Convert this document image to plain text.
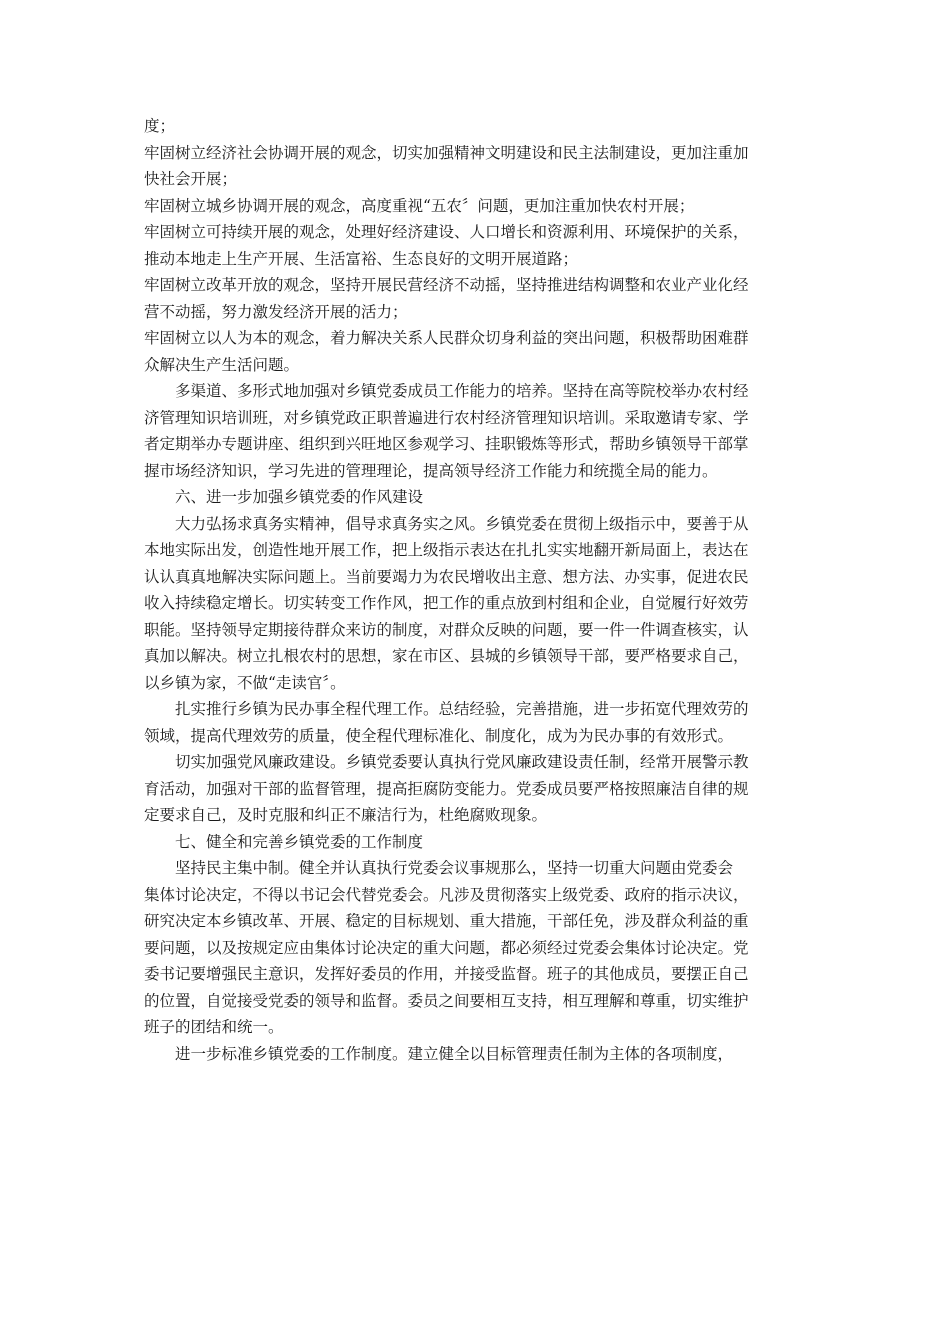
度；
牢固树立经济社会协调开展的观念，切实加强精神文明建设和民主法制建设，更加注重加
快社会开展；
牢固树立城乡协调开展的观念，高度重视“五农〞问题，更加注重加快农村开展；
牢固树立可持续开展的观念，处理好经济建设、人口增长和资源利用、环境保护的关系，
推动本地走上生产开展、生活富裕、生态良好的文明开展道路；
牢固树立改革开放的观念，坚持开展民营经济不动摇，坚持推进结构调整和农业产业化经
营不动摇，努力激发经济开展的活力；
牢固树立以人为本的观念，着力解决关系人民群众切身利益的突出问题，积极帮助困难群
众解决生产生活问题。
多渠道、多形式地加强对乡镇党委成员工作能力的培养。坚持在高等院校举办农村经
济管理知识培训班，对乡镇党政正职普遍进行农村经济管理知识培训。采取邀请专家、学
者定期举办专题讲座、组织到兴旺地区参观学习、挂职锻炼等形式，帮助乡镇领导干部掌
握市场经济知识，学习先进的管理理论，提高领导经济工作能力和统揽全局的能力。
六、进一步加强乡镇党委的作风建设
大力弘扬求真务实精神，倡导求真务实之风。乡镇党委在贯彻上级指示中，要善于从
本地实际出发，创造性地开展工作，把上级指示表达在扎扎实实地翻开新局面上，表达在
认认真真地解决实际问题上。当前要竭力为农民增收出主意、想方法、办实事，促进农民
收入持续稳定增长。切实转变工作作风，把工作的重点放到村组和企业，自觉履行好效劳
职能。坚持领导定期接待群众来访的制度，对群众反映的问题，要一件一件调查核实，认
真加以解决。树立扎根农村的思想，家在市区、县城的乡镇领导干部，要严格要求自己，
以乡镇为家，不做“走读官〞。
扎实推行乡镇为民办事全程代理工作。总结经验，完善措施，进一步拓宽代理效劳的
领域，提高代理效劳的质量，使全程代理标准化、制度化，成为为民办事的有效形式。
切实加强党风廉政建设。乡镇党委要认真执行党风廉政建设责任制，经常开展警示教
育活动，加强对干部的监督管理，提高拒腐防变能力。党委成员要严格按照廉洁自律的规
定要求自己，及时克服和纠正不廉洁行为，杜绝腐败现象。
七、健全和完善乡镇党委的工作制度
坚持民主集中制。健全并认真执行党委会议事规那么，坚持一切重大问题由党委会
集体讨论决定，不得以书记会代替党委会。凡涉及贯彻落实上级党委、政府的指示决议，
研究决定本乡镇改革、开展、稳定的目标规划、重大措施，干部任免，涉及群众利益的重
要问题，以及按规定应由集体讨论决定的重大问题，都必须经过党委会集体讨论决定。党
委书记要增强民主意识，发挥好委员的作用，并接受监督。班子的其他成员，要摆正自己
的位置，自觉接受党委的领导和监督。委员之间要相互支持，相互理解和尊重，切实维护
班子的团结和统一。
进一步标准乡镇党委的工作制度。建立健全以目标管理责任制为主体的各项制度，
